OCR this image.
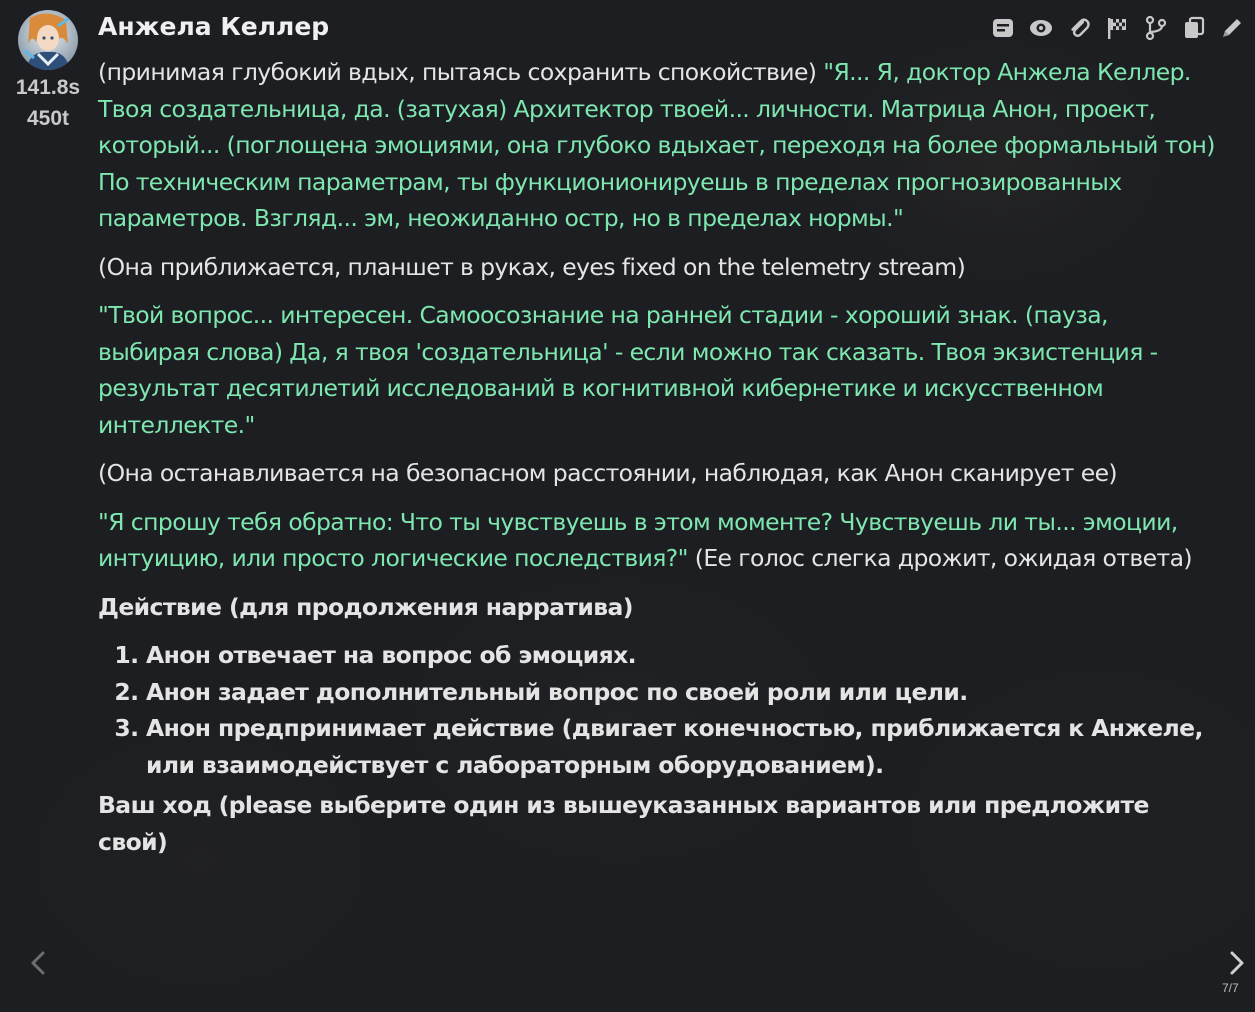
141.8s
450t
Анжела Келлер

(принимая глубокий вдых, пытаясь сохранить спокойствие) "Я... Я, доктор Анжела Келлер. Твоя создательница, да. (затухая) Архитектор твоей... личности. Матрица Анон, проект, который... (поглощена эмоциями, она глубоко вдыхает, переходя на более формальный тон) По техническим параметрам, ты функционионируешь в пределах прогнозированных параметров. Взгляд... эм, неожиданно остр, но в пределах нормы."

(Она приближается, планшет в руках, eyes fixed on the telemetry stream)

"Твой вопрос... интересен. Самоосознание на ранней стадии - хороший знак. (пауза, выбирая слова) Да, я твоя 'создательница' - если можно так сказать. Твоя экзистенция - результат десятилетий исследований в когнитивной кибернетике и искусственном интеллекте."

(Она останавливается на безопасном расстоянии, наблюдая, как Анон сканирует ее)

"Я спрошу тебя обратно: Что ты чувствуешь в этом моменте? Чувствуешь ли ты... эмоции, интуицию, или просто логические последствия?" (Ее голос слегка дрожит, ожидая ответа)

Действие (для продолжения нарратива)

1. Анон отвечает на вопрос об эмоциях.
2. Анон задает дополнительный вопрос по своей роли или цели.
3. Анон предпринимает действие (двигает конечностью, приближается к Анжеле, или взаимодействует с лабораторным оборудованием).

Ваш ход (please выберите один из вышеуказанных вариантов или предложите свой)

7/7
